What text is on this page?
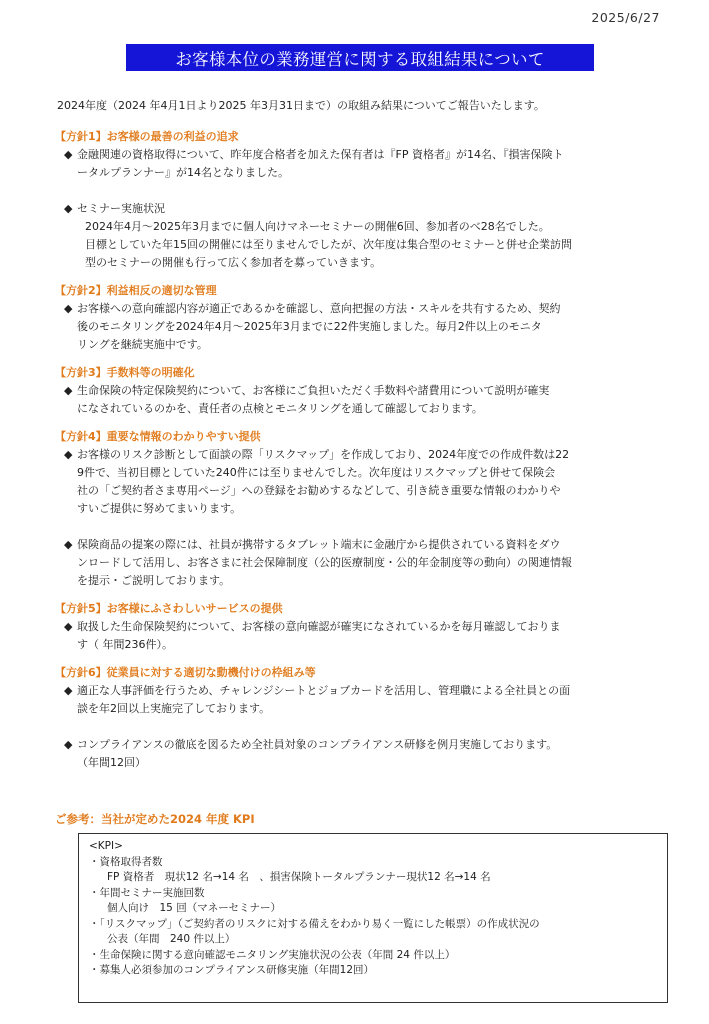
2025/6/27
お客様本位の業務運営に関する取組結果について
2024年度（2024 年4月1日より2025 年3月31日まで）の取組み結果についてご報告いたします。
【方針1】お客様の最善の利益の追求
◆ 金融関連の資格取得について、昨年度合格者を加えた保有者は『FP 資格者』が14名、『損害保険ト
ータルプランナー』が14名となりました。
◆ セミナー実施状況
2024年4月～2025年3月までに個人向けマネーセミナーの開催6回、参加者のべ28名でした。
目標としていた年15回の開催には至りませんでしたが、次年度は集合型のセミナーと併せ企業訪問
型のセミナーの開催も行って広く参加者を募っていきます。
【方針2】利益相反の適切な管理
◆ お客様への意向確認内容が適正であるかを確認し、意向把握の方法・スキルを共有するため、契約
後のモニタリングを2024年4月～2025年3月までに22件実施しました。毎月2件以上のモニタ
リングを継続実施中です。
【方針3】手数料等の明確化
◆ 生命保険の特定保険契約について、お客様にご負担いただく手数料や諸費用について説明が確実
になされているのかを、責任者の点検とモニタリングを通して確認しております。
【方針4】重要な情報のわかりやすい提供
◆ お客様のリスク診断として面談の際「リスクマップ」を作成しており、2024年度での作成件数は22
9件で、当初目標としていた240件には至りませんでした。次年度はリスクマップと併せて保険会
社の「ご契約者さま専用ページ」への登録をお勧めするなどして、引き続き重要な情報のわかりや
すいご提供に努めてまいります。
◆ 保険商品の提案の際には、社員が携帯するタブレット端末に金融庁から提供されている資料をダウ
ンロードして活用し、お客さまに社会保障制度（公的医療制度・公的年金制度等の動向）の関連情報
を提示・ご説明しております。
【方針5】お客様にふさわしいサービスの提供
◆ 取扱した生命保険契約について、お客様の意向確認が確実になされているかを毎月確認しておりま
す（ 年間236件）。
【方針6】従業員に対する適切な動機付けの枠組み等
◆ 適正な人事評価を行うため、チャレンジシートとジョブカードを活用し、管理職による全社員との面
談を年2回以上実施完了しております。
◆ コンプライアンスの徹底を図るため全社員対象のコンプライアンス研修を例月実施しております。
（年間12回）
ご参考：当社が定めた2024 年度 KPI
<KPI>
・資格取得者数
FP 資格者　現状12 名→14 名　、損害保険トータルプランナー現状12 名→14 名
・年間セミナー実施回数
個人向け　15 回（マネーセミナー）
・「リスクマップ」（ご契約者のリスクに対する備えをわかり易く一覧にした帳票）の作成状況の
公表（年間　240 件以上）
・生命保険に関する意向確認モニタリング実施状況の公表（年間 24 件以上）
・募集人必須参加のコンプライアンス研修実施（年間12回）
